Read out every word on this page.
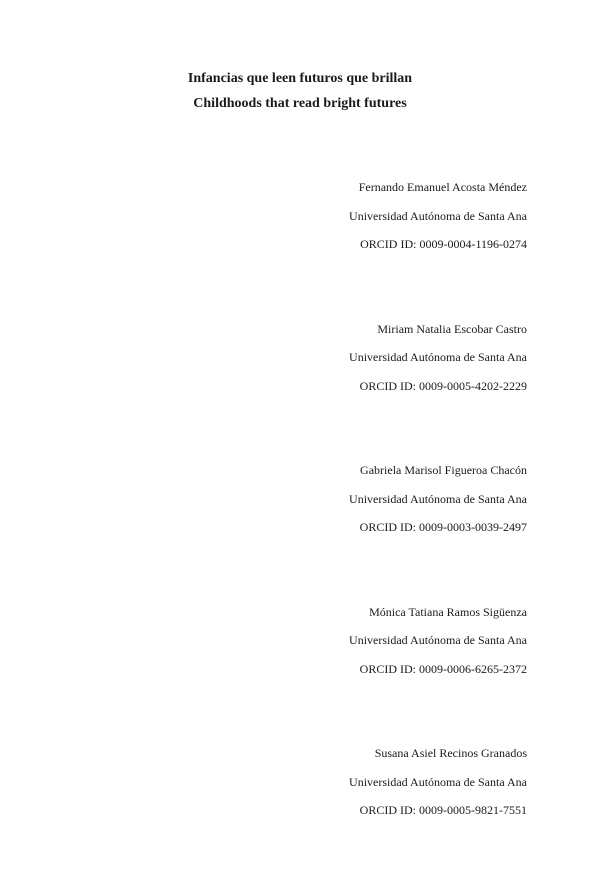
Infancias que leen futuros que brillan

Childhoods that read bright futures

Fernando Emanuel Acosta Méndez

Universidad Autónoma de Santa Ana

ORCID ID: 0009-0004-1196-0274

Miriam Natalia Escobar Castro

Universidad Autónoma de Santa Ana

ORCID ID: 0009-0005-4202-2229

Gabriela Marisol Figueroa Chacón

Universidad Autónoma de Santa Ana

ORCID ID: 0009-0003-0039-2497

Mónica Tatiana Ramos Sigüenza

Universidad Autónoma de Santa Ana

ORCID ID: 0009-0006-6265-2372

Susana Asiel Recinos Granados

Universidad Autónoma de Santa Ana

ORCID ID: 0009-0005-9821-7551
